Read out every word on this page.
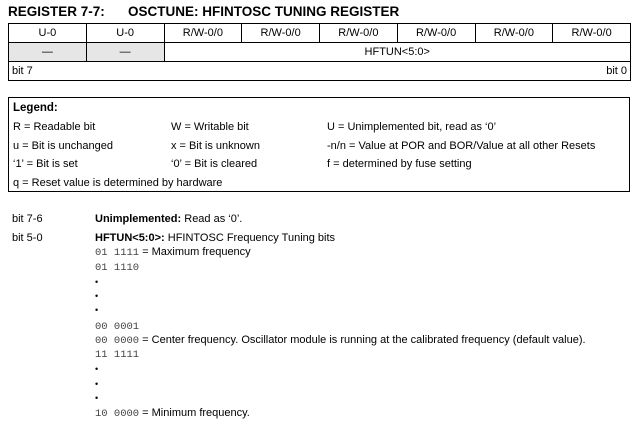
REGISTER 7-7: OSCTUNE: HFINTOSC TUNING REGISTER
U-0	U-0	R/W-0/0	R/W-0/0	R/W-0/0	R/W-0/0	R/W-0/0	R/W-0/0
—	—	HFTUN<5:0>					
bit 7 bit 0							
Legend:
R = Readable bit	W = Writable bit	U = Unimplemented bit, read as ‘0’
u = Bit is unchanged	x = Bit is unknown	-n/n = Value at POR and BOR/Value at all other Resets
‘1’ = Bit is set	‘0’ = Bit is cleared	f = determined by fuse setting
q = Reset value is determined by hardware
bit 7-6	Unimplemented: Read as ‘0’.
bit 5-0	HFTUN<5:0>: HFINTOSC Frequency Tuning bits
01 1111 = Maximum frequency
01 1110
•
•
•
00 0001
00 0000 = Center frequency. Oscillator module is running at the calibrated frequency (default value).
11 1111
•
•
•
10 0000 = Minimum frequency.
